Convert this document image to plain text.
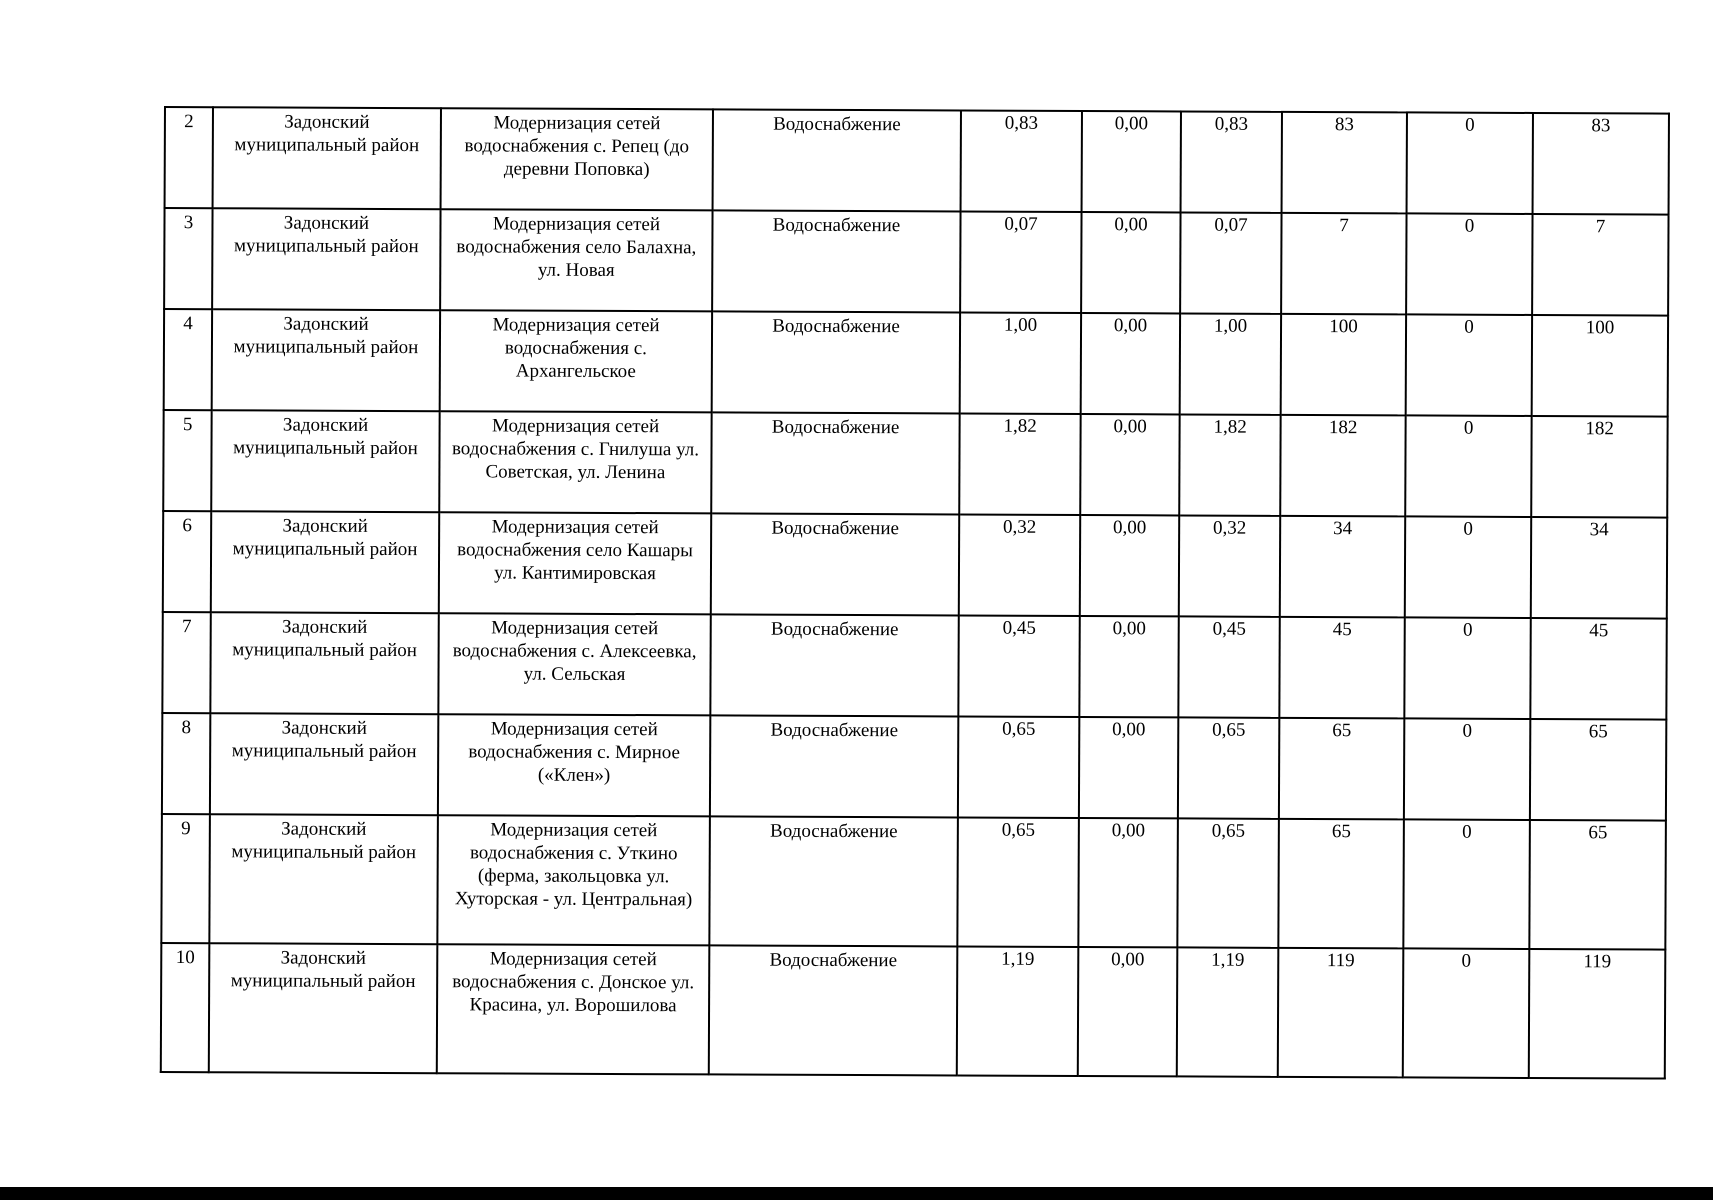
2	Задонский муниципальный район	Модернизация сетей водоснабжения с. Репец (до деревни Поповка)	Водоснабжение	0,83	0,00	0,83	83	0	83
3	Задонский муниципальный район	Модернизация сетей водоснабжения село Балахна, ул. Новая	Водоснабжение	0,07	0,00	0,07	7	0	7
4	Задонский муниципальный район	Модернизация сетей водоснабжения с. Архангельское	Водоснабжение	1,00	0,00	1,00	100	0	100
5	Задонский муниципальный район	Модернизация сетей водоснабжения с. Гнилуша ул. Советская, ул. Ленина	Водоснабжение	1,82	0,00	1,82	182	0	182
6	Задонский муниципальный район	Модернизация сетей водоснабжения село Кашары ул. Кантимировская	Водоснабжение	0,32	0,00	0,32	34	0	34
7	Задонский муниципальный район	Модернизация сетей водоснабжения с. Алексеевка, ул. Сельская	Водоснабжение	0,45	0,00	0,45	45	0	45
8	Задонский муниципальный район	Модернизация сетей водоснабжения с. Мирное («Клен»)	Водоснабжение	0,65	0,00	0,65	65	0	65
9	Задонский муниципальный район	Модернизация сетей водоснабжения с. Уткино (ферма, закольцовка ул. Хуторская - ул. Центральная)	Водоснабжение	0,65	0,00	0,65	65	0	65
10	Задонский муниципальный район	Модернизация сетей водоснабжения с. Донское ул. Красина, ул. Ворошилова	Водоснабжение	1,19	0,00	1,19	119	0	119
